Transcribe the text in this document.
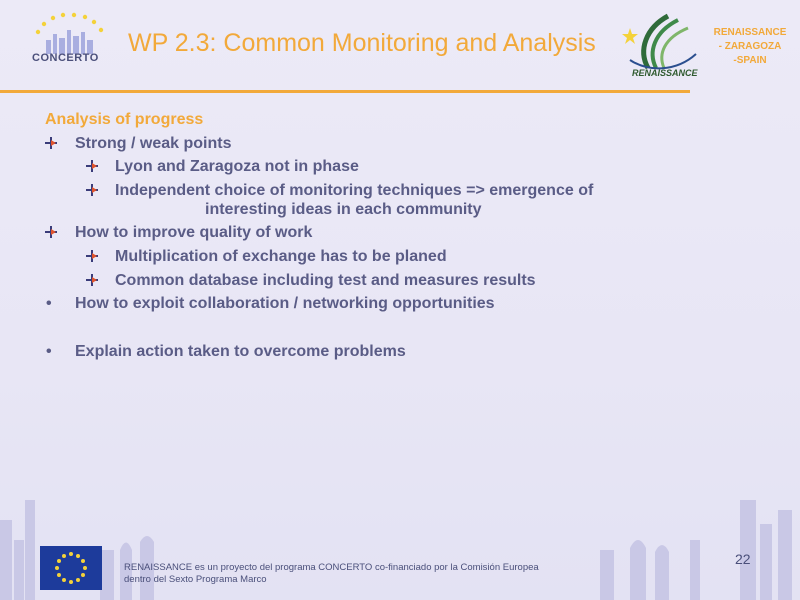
CONCERTO
WP 2.3: Common Monitoring and Analysis
RENAISSANCE
RENAISSANCE
- ZARAGOZA
-SPAIN
Analysis of progress
Strong / weak points
Lyon and Zaragoza not in phase
Independent choice of monitoring techniques => emergence of
interesting ideas in each community
How to improve quality of work
Multiplication of exchange has to be planed
Common database including test and measures results
• How to exploit collaboration / networking opportunities
• Explain action taken to overcome problems
RENAISSANCE es un proyecto del programa CONCERTO co-financiado por la Comisión Europea
dentro del Sexto Programa Marco
22
